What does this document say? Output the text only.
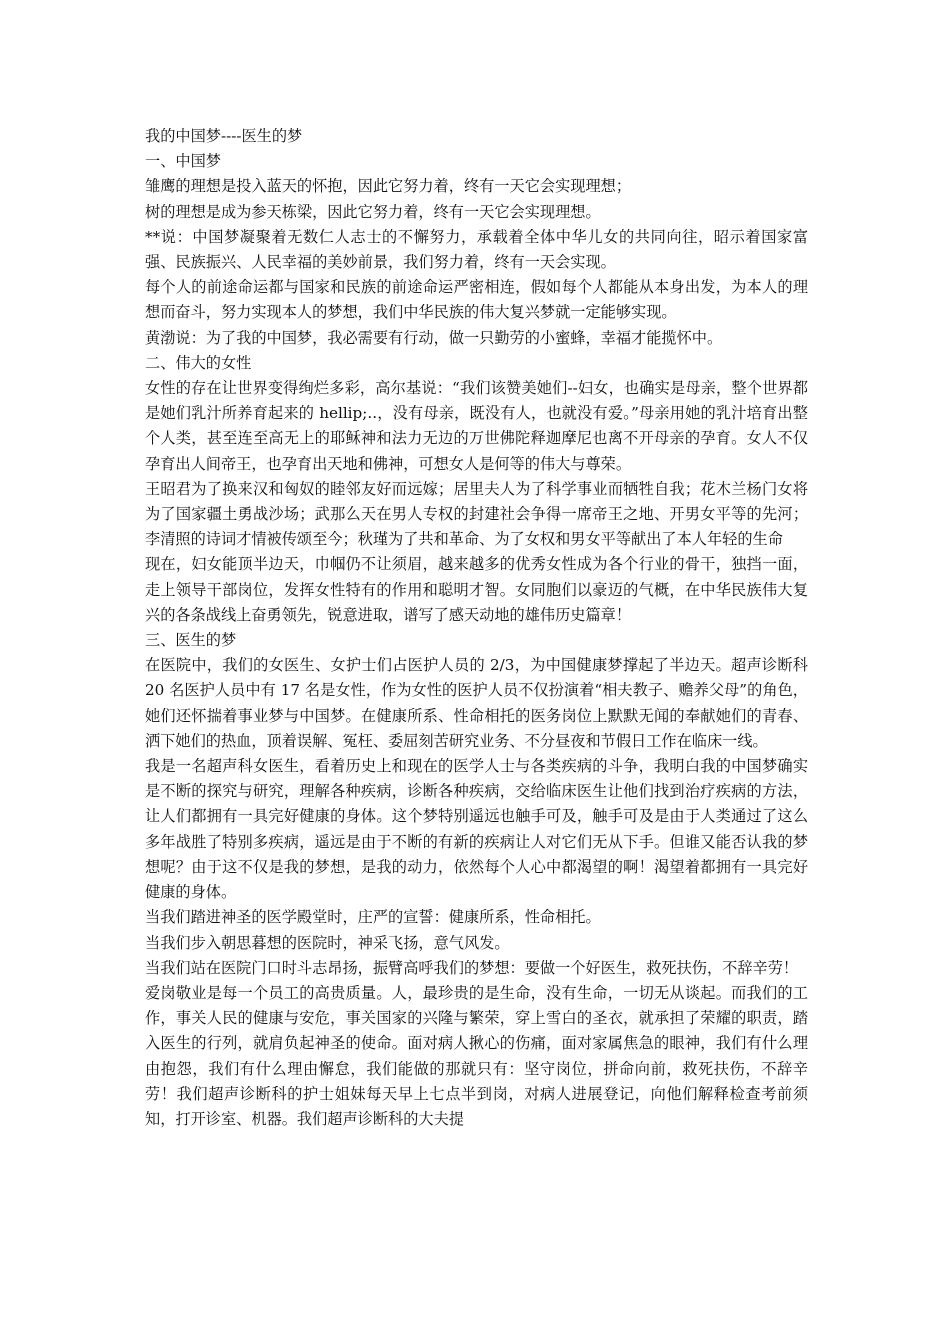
我的中国梦----医生的梦
一、中国梦
雏鹰的理想是投入蓝天的怀抱，因此它努力着，终有一天它会实现理想；
树的理想是成为参天栋梁，因此它努力着，终有一天它会实现理想。
**说：中国梦凝聚着无数仁人志士的不懈努力，承载着全体中华儿女的共同向往，昭示着国家富强、民族振兴、人民幸福的美妙前景，我们努力着，终有一天会实现。
每个人的前途命运都与国家和民族的前途命运严密相连，假如每个人都能从本身出发，为本人的理想而奋斗，努力实现本人的梦想，我们中华民族的伟大复兴梦就一定能够实现。
黄渤说：为了我的中国梦，我必需要有行动，做一只勤劳的小蜜蜂，幸福才能揽怀中。
二、伟大的女性
女性的存在让世界变得绚烂多彩，高尔基说：“我们该赞美她们--妇女，也确实是母亲，整个世界都是她们乳汁所养育起来的 hellip;..，没有母亲，既没有人，也就没有爱。”母亲用她的乳汁培育出整个人类，甚至连至高无上的耶稣神和法力无边的万世佛陀释迦摩尼也离不开母亲的孕育。女人不仅孕育出人间帝王，也孕育出天地和佛神，可想女人是何等的伟大与尊荣。
王昭君为了换来汉和匈奴的睦邻友好而远嫁；居里夫人为了科学事业而牺牲自我；花木兰杨门女将为了国家疆土勇战沙场；武那么天在男人专权的封建社会争得一席帝王之地、开男女平等的先河；李清照的诗词才情被传颂至今；秋瑾为了共和革命、为了女权和男女平等献出了本人年轻的生命
现在，妇女能顶半边天，巾帼仍不让须眉，越来越多的优秀女性成为各个行业的骨干，独挡一面，走上领导干部岗位，发挥女性特有的作用和聪明才智。女同胞们以豪迈的气概，在中华民族伟大复兴的各条战线上奋勇领先，锐意进取，谱写了感天动地的雄伟历史篇章！
三、医生的梦
在医院中，我们的女医生、女护士们占医护人员的 2/3，为中国健康梦撑起了半边天。超声诊断科 20 名医护人员中有 17 名是女性，作为女性的医护人员不仅扮演着“相夫教子、赡养父母”的角色，她们还怀揣着事业梦与中国梦。在健康所系、性命相托的医务岗位上默默无闻的奉献她们的青春、洒下她们的热血，顶着误解、冤枉、委屈刻苦研究业务、不分昼夜和节假日工作在临床一线。
我是一名超声科女医生，看着历史上和现在的医学人士与各类疾病的斗争，我明白我的中国梦确实是不断的探究与研究，理解各种疾病，诊断各种疾病，交给临床医生让他们找到治疗疾病的方法，让人们都拥有一具完好健康的身体。这个梦特别遥远也触手可及，触手可及是由于人类通过了这么多年战胜了特别多疾病，遥远是由于不断的有新的疾病让人对它们无从下手。但谁又能否认我的梦想呢？由于这不仅是我的梦想，是我的动力，依然每个人心中都渴望的啊！渴望着都拥有一具完好健康的身体。
当我们踏进神圣的医学殿堂时，庄严的宣誓：健康所系，性命相托。
当我们步入朝思暮想的医院时，神采飞扬，意气风发。
当我们站在医院门口时斗志昂扬，振臂高呼我们的梦想：要做一个好医生，救死扶伤，不辞辛劳！
爱岗敬业是每一个员工的高贵质量。人，最珍贵的是生命，没有生命，一切无从谈起。而我们的工作，事关人民的健康与安危，事关国家的兴隆与繁荣，穿上雪白的圣衣，就承担了荣耀的职责，踏入医生的行列，就肩负起神圣的使命。面对病人揪心的伤痛，面对家属焦急的眼神，我们有什么理由抱怨，我们有什么理由懈怠，我们能做的那就只有：坚守岗位，拼命向前，救死扶伤，不辞辛劳！我们超声诊断科的护士姐妹每天早上七点半到岗，对病人进展登记，向他们解释检查考前须知，打开诊室、机器。我们超声诊断科的大夫提
